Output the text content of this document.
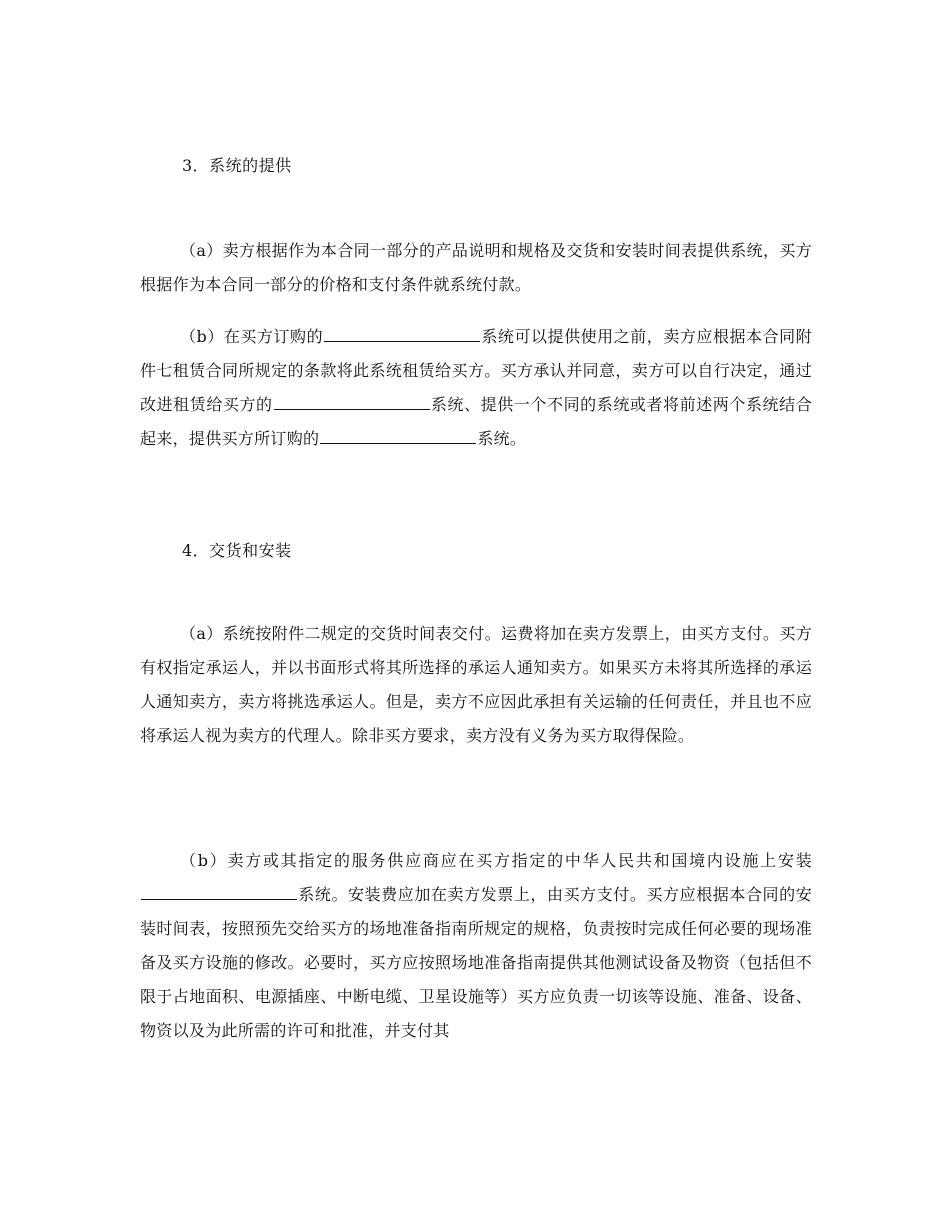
3．系统的提供
（a）卖方根据作为本合同一部分的产品说明和规格及交货和安装时间表提供系统，买方根据作为本合同一部分的价格和支付条件就系统付款。
（b）在买方订购的	系统可以提供使用之前，卖方应根据本合同附件七租赁合同所规定的条款将此系统租赁给买方。买方承认并同意，卖方可以自行决定，通过改进租赁给买方的	系统、提供一个不同的系统或者将前述两个系统结合起来，提供买方所订购的	系统。
4．交货和安装
（a）系统按附件二规定的交货时间表交付。运费将加在卖方发票上，由买方支付。买方有权指定承运人，并以书面形式将其所选择的承运人通知卖方。如果买方未将其所选择的承运人通知卖方，卖方将挑选承运人。但是，卖方不应因此承担有关运输的任何责任，并且也不应将承运人视为卖方的代理人。除非买方要求，卖方没有义务为买方取得保险。
（b）卖方或其指定的服务供应商应在买方指定的中华人民共和国境内设施上安装系统。安装费应加在卖方发票上，由买方支付。买方应根据本合同的安装时间表，按照预先交给买方的场地准备指南所规定的规格，负责按时完成任何必要的现场准备及买方设施的修改。必要时，买方应按照场地准备指南提供其他测试设备及物资（包括但不限于占地面积、电源插座、中断电缆、卫星设施等）买方应负责一切该等设施、准备、设备、物资以及为此所需的许可和批准，并支付其
